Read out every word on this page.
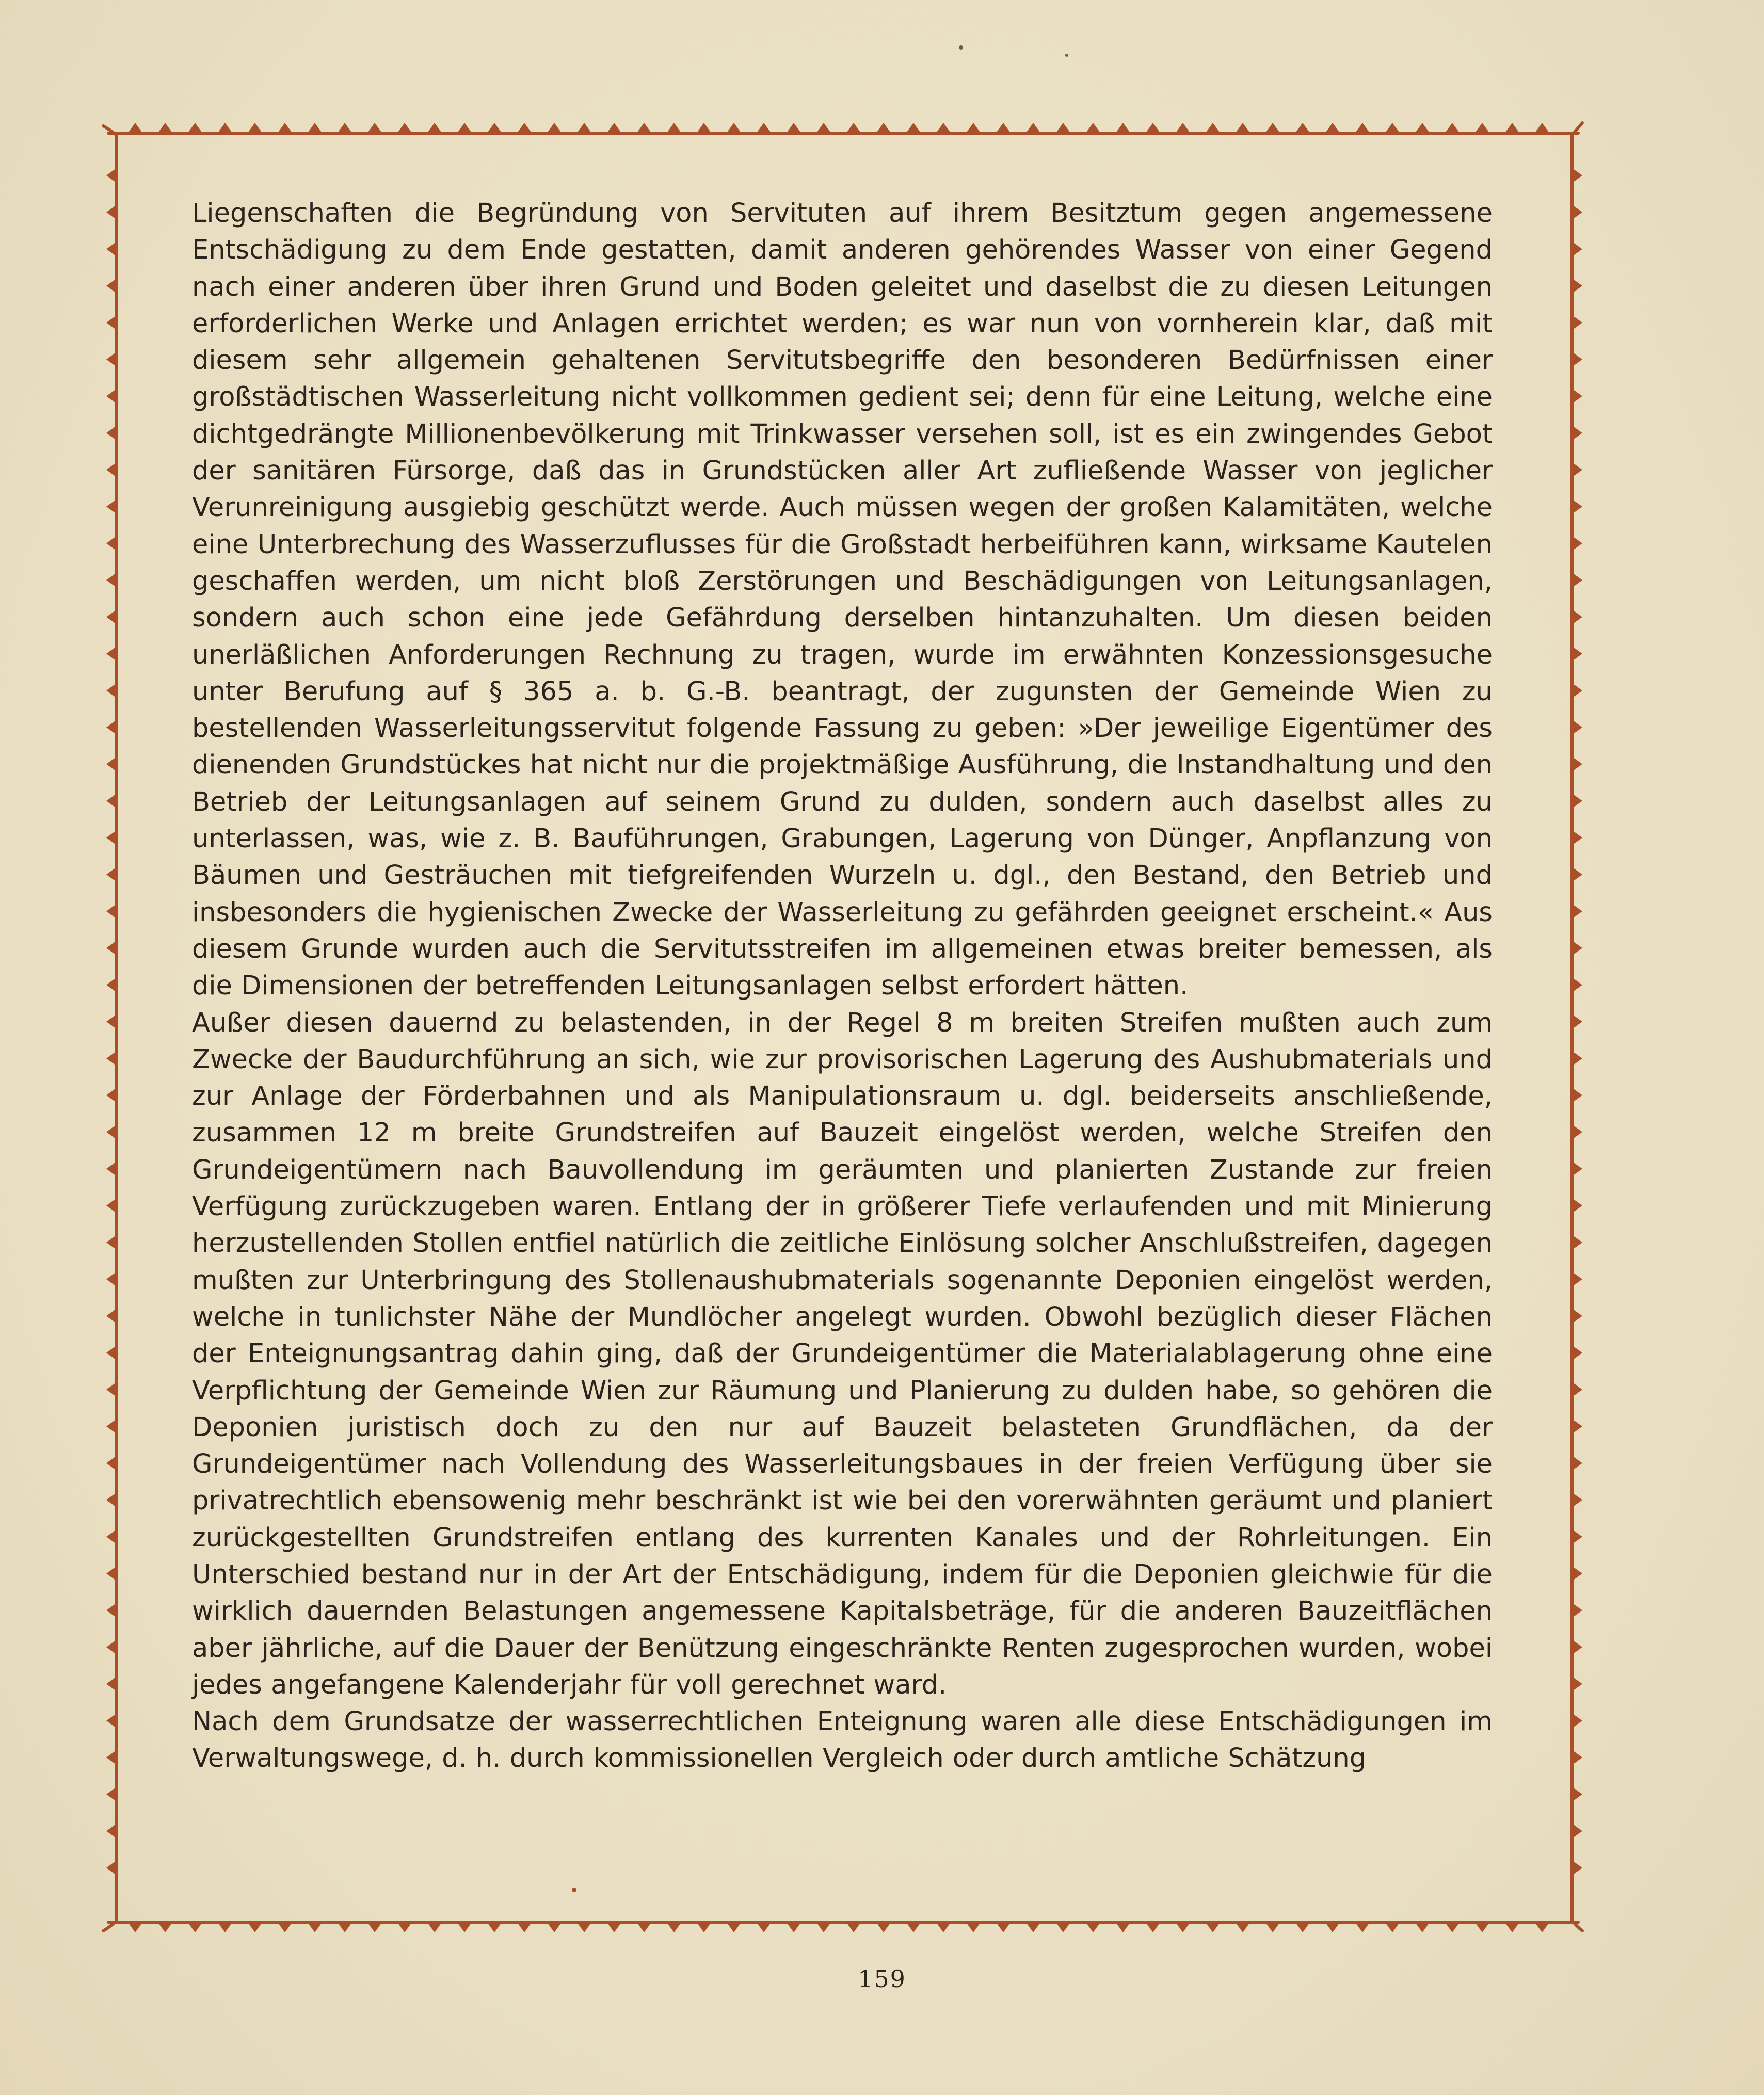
Liegenschaften die Begründung von Servituten auf ihrem Besitztum gegen angemessene Entschädigung zu dem Ende gestatten, damit anderen gehörendes Wasser von einer Gegend nach einer anderen über ihren Grund und Boden geleitet und daselbst die zu diesen Leitungen erforderlichen Werke und Anlagen errichtet werden; es war nun von vornherein klar, daß mit diesem sehr allgemein gehaltenen Servitutsbegriffe den besonderen Bedürfnissen einer großstädtischen Wasserleitung nicht vollkommen gedient sei; denn für eine Leitung, welche eine dichtgedrängte Millionenbevölkerung mit Trinkwasser versehen soll, ist es ein zwingendes Gebot der sanitären Fürsorge, daß das in Grundstücken aller Art zufließende Wasser von jeglicher Verunreinigung ausgiebig geschützt werde. Auch müssen wegen der großen Kalamitäten, welche eine Unterbrechung des Wasserzuflusses für die Großstadt herbeiführen kann, wirksame Kautelen geschaffen werden, um nicht bloß Zerstörungen und Beschädigungen von Leitungsanlagen, sondern auch schon eine jede Gefährdung derselben hintanzuhalten. Um diesen beiden unerläßlichen Anforderungen Rechnung zu tragen, wurde im erwähnten Konzessionsgesuche unter Berufung auf § 365 a. b. G.-B. beantragt, der zugunsten der Gemeinde Wien zu bestellenden Wasserleitungsservitut folgende Fassung zu geben: »Der jeweilige Eigentümer des dienenden Grundstückes hat nicht nur die projektmäßige Ausführung, die Instandhaltung und den Betrieb der Leitungsanlagen auf seinem Grund zu dulden, sondern auch daselbst alles zu unterlassen, was, wie z. B. Bauführungen, Grabungen, Lagerung von Dünger, Anpflanzung von Bäumen und Gesträuchen mit tiefgreifenden Wurzeln u. dgl., den Bestand, den Betrieb und insbesonders die hygienischen Zwecke der Wasserleitung zu gefährden geeignet erscheint.« Aus diesem Grunde wurden auch die Servitutsstreifen im allgemeinen etwas breiter bemessen, als die Dimensionen der betreffenden Leitungsanlagen selbst erfordert hätten.

Außer diesen dauernd zu belastenden, in der Regel 8 m breiten Streifen mußten auch zum Zwecke der Baudurchführung an sich, wie zur provisorischen Lagerung des Aushubmaterials und zur Anlage der Förderbahnen und als Manipulationsraum u. dgl. beiderseits anschließende, zusammen 12 m breite Grundstreifen auf Bauzeit eingelöst werden, welche Streifen den Grundeigentümern nach Bauvollendung im geräumten und planierten Zustande zur freien Verfügung zurückzugeben waren. Entlang der in größerer Tiefe verlaufenden und mit Minierung herzustellenden Stollen entfiel natürlich die zeitliche Einlösung solcher Anschlußstreifen, dagegen mußten zur Unterbringung des Stollenaushubmaterials sogenannte Deponien eingelöst werden, welche in tunlichster Nähe der Mundlöcher angelegt wurden. Obwohl bezüglich dieser Flächen der Enteignungsantrag dahin ging, daß der Grundeigentümer die Materialablagerung ohne eine Verpflichtung der Gemeinde Wien zur Räumung und Planierung zu dulden habe, so gehören die Deponien juristisch doch zu den nur auf Bauzeit belasteten Grundflächen, da der Grundeigentümer nach Vollendung des Wasserleitungsbaues in der freien Verfügung über sie privatrechtlich ebensowenig mehr beschränkt ist wie bei den vorerwähnten geräumt und planiert zurückgestellten Grundstreifen entlang des kurrenten Kanales und der Rohrleitungen. Ein Unterschied bestand nur in der Art der Entschädigung, indem für die Deponien gleichwie für die wirklich dauernden Belastungen angemessene Kapitalsbeträge, für die anderen Bauzeitflächen aber jährliche, auf die Dauer der Benützung eingeschränkte Renten zugesprochen wurden, wobei jedes angefangene Kalenderjahr für voll gerechnet ward.

Nach dem Grundsatze der wasserrechtlichen Enteignung waren alle diese Entschädigungen im Verwaltungswege, d. h. durch kommissionellen Vergleich oder durch amtliche Schätzung

159
